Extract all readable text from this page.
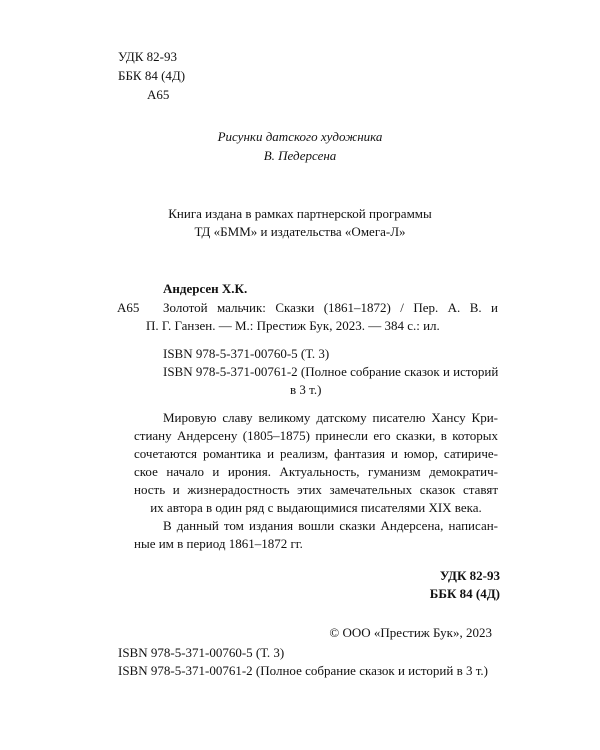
УДК 82-93
ББК 84 (4Д)
А65
Рисунки датского художника
В. Педерсена
Книга издана в рамках партнерской программы
ТД «БММ» и издательства «Омега-Л»
Андерсен Х.К.
А65 Золотой мальчик: Сказки (1861–1872) / Пер. А. В. и
П. Г. Ганзен. — М.: Престиж Бук, 2023. — 384 с.: ил.
ISBN 978-5-371-00760-5 (Т. 3)
ISBN 978-5-371-00761-2 (Полное собрание сказок и историй
в 3 т.)
Мировую славу великому датскому писателю Хансу Кри-
стиану Андерсену (1805–1875) принесли его сказки, в которых
сочетаются романтика и реализм, фантазия и юмор, сатириче-
ское начало и ирония. Актуальность, гуманизм демократич-
ность и жизнерадостность этих замечательных сказок ставят
их автора в один ряд с выдающимися писателями XIX века.
В данный том издания вошли сказки Андерсена, написан-
ные им в период 1861–1872 гг.
УДК 82-93
ББК 84 (4Д)
© ООО «Престиж Бук», 2023
ISBN 978-5-371-00760-5 (Т. 3)
ISBN 978-5-371-00761-2 (Полное собрание сказок и историй в 3 т.)
